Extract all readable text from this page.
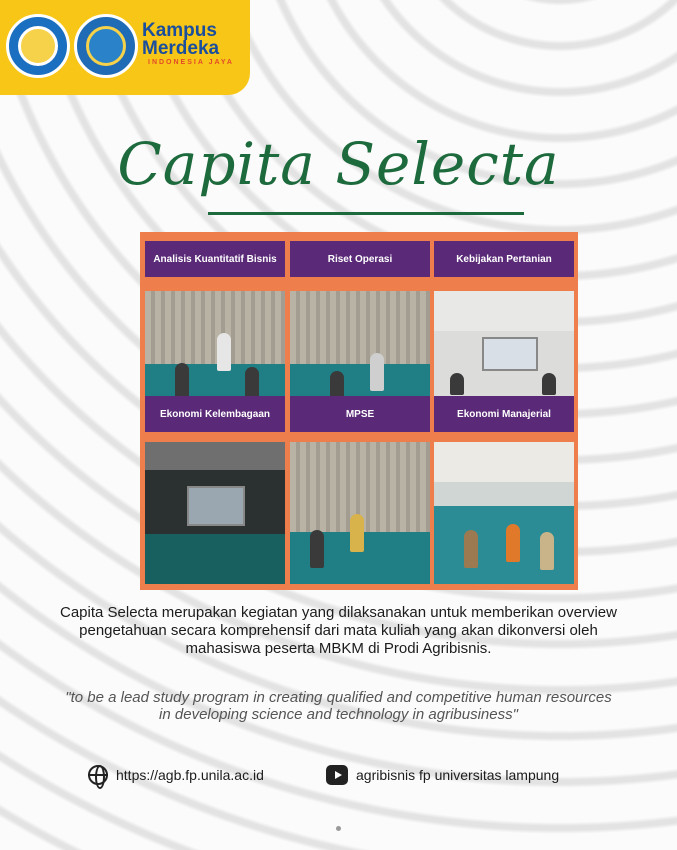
Kampus
Merdeka
INDONESIA JAYA
Capita Selecta
Analisis Kuantitatif Bisnis	Riset Operasi	Kebijakan Pertanian
Ekonomi Kelembagaan	MPSE	Ekonomi Manajerial
Capita Selecta merupakan kegiatan yang dilaksanakan untuk memberikan overview pengetahuan secara komprehensif dari mata kuliah yang akan dikonversi oleh mahasiswa peserta MBKM di Prodi Agribisnis.
"to be a lead study program in creating qualified and competitive human resources in developing science and technology in agribusiness"
https://agb.fp.unila.ac.id	agribisnis fp universitas lampung
